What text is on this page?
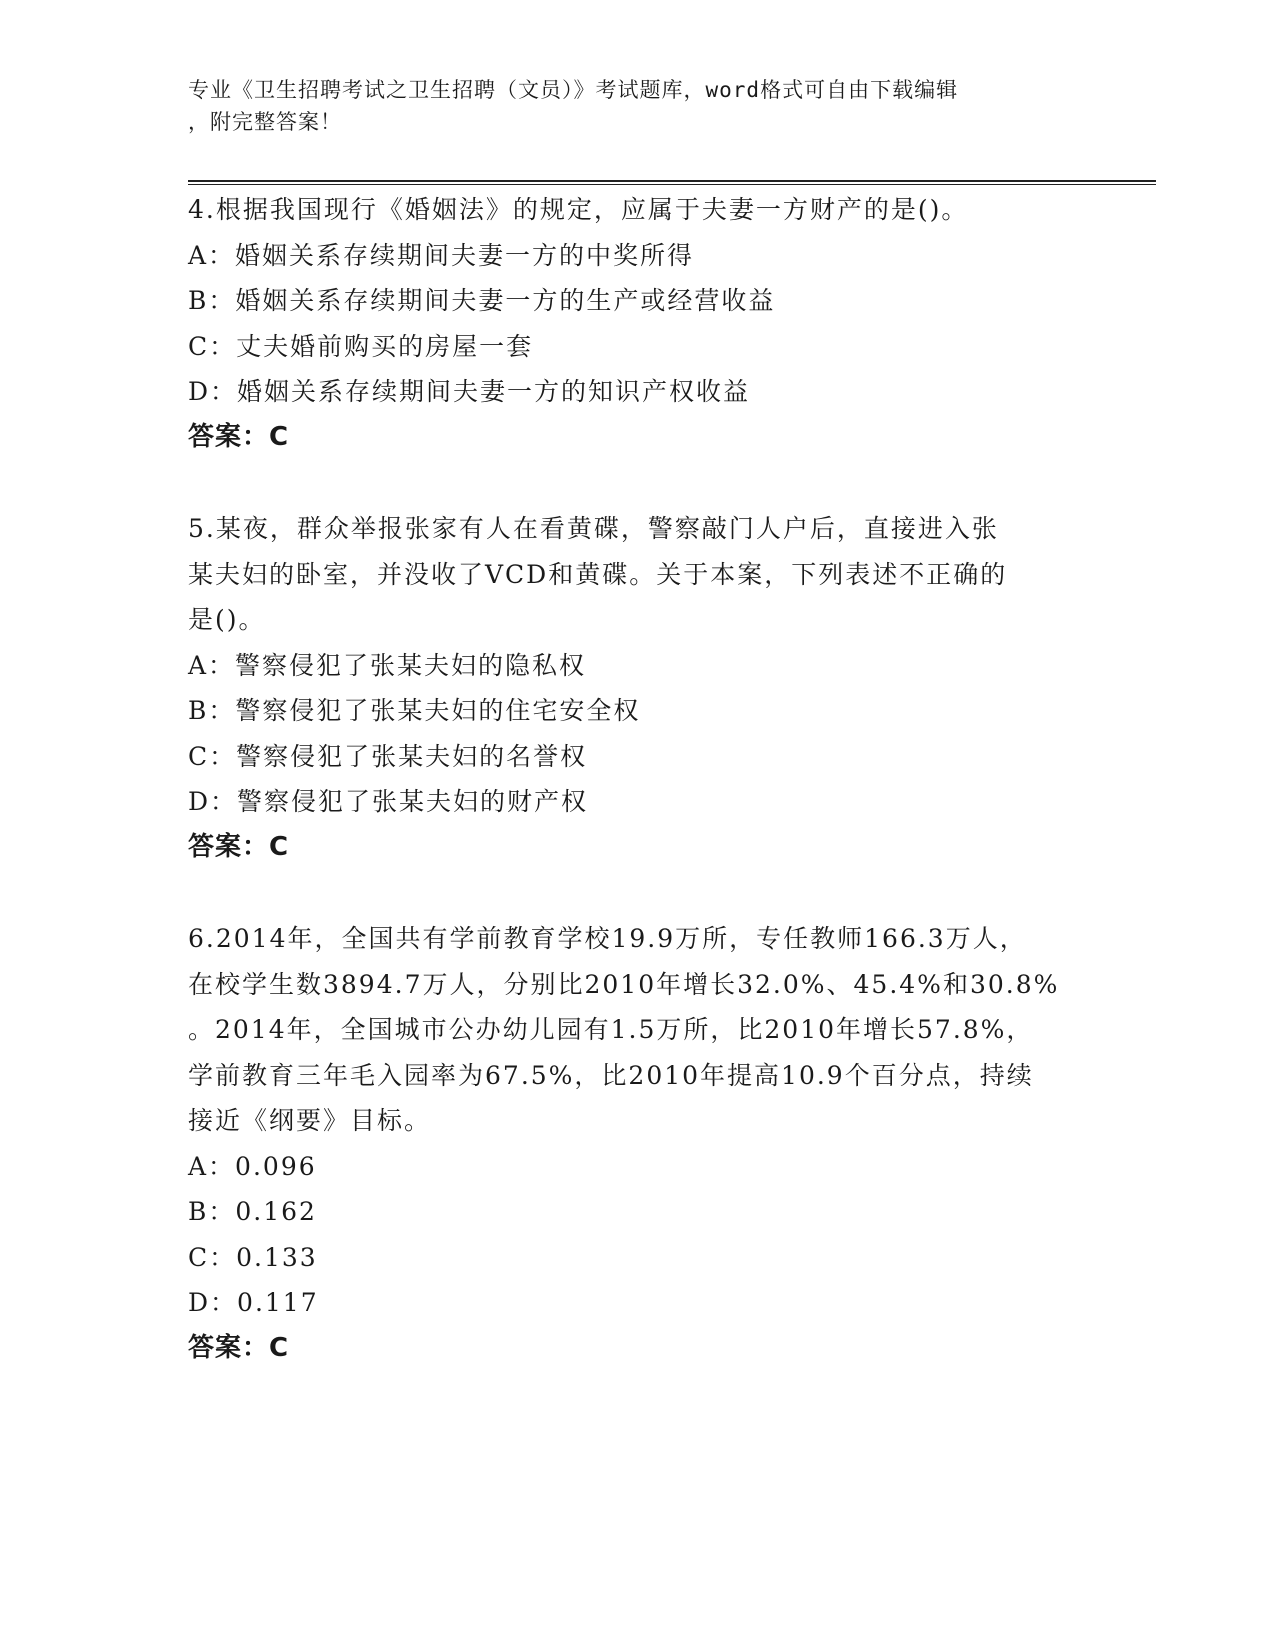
专业《卫生招聘考试之卫生招聘（文员）》考试题库，word格式可自由下载编辑
，附完整答案！
4.根据我国现行《婚姻法》的规定，应属于夫妻一方财产的是()。
A：婚姻关系存续期间夫妻一方的中奖所得
B：婚姻关系存续期间夫妻一方的生产或经营收益
C：丈夫婚前购买的房屋一套
D：婚姻关系存续期间夫妻一方的知识产权收益
答案：C
5.某夜，群众举报张家有人在看黄碟，警察敲门人户后，直接进入张
某夫妇的卧室，并没收了VCD和黄碟。关于本案，下列表述不正确的
是()。
A：警察侵犯了张某夫妇的隐私权
B：警察侵犯了张某夫妇的住宅安全权
C：警察侵犯了张某夫妇的名誉权
D：警察侵犯了张某夫妇的财产权
答案：C
6.2014年，全国共有学前教育学校19.9万所，专任教师166.3万人，
在校学生数3894.7万人，分别比2010年增长32.0%、45.4%和30.8%
。2014年，全国城市公办幼儿园有1.5万所，比2010年增长57.8%，
学前教育三年毛入园率为67.5%，比2010年提高10.9个百分点，持续
接近《纲要》目标。
A：0.096
B：0.162
C：0.133
D：0.117
答案：C
